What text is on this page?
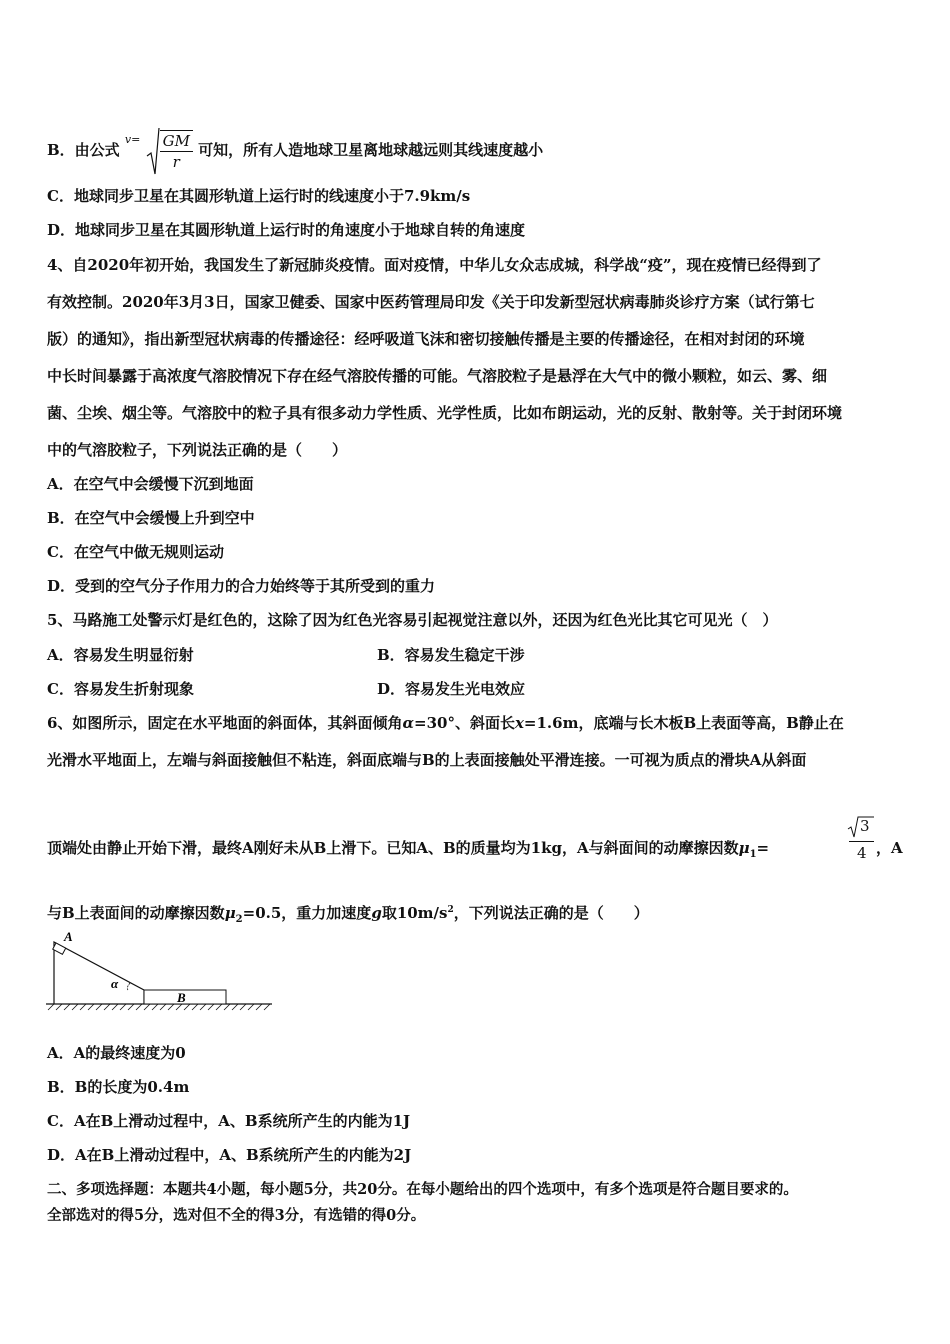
B．由公式 $^{v=} \frac{GM}{r}$ 可知，所有人造地球卫星离地球越远则其线速度越小
C．地球同步卫星在其圆形轨道上运行时的线速度小于7.9km/s
D．地球同步卫星在其圆形轨道上运行时的角速度小于地球自转的角速度
4、自2020年初开始，我国发生了新冠肺炎疫情。面对疫情，中华儿女众志成城，科学战“疫”，现在疫情已经得到了
有效控制。2020年3月3日，国家卫健委、国家中医药管理局印发《关于印发新型冠状病毒肺炎诊疗方案（试行第七
版）的通知》，指出新型冠状病毒的传播途径：经呼吸道飞沫和密切接触传播是主要的传播途径，在相对封闭的环境
中长时间暴露于高浓度气溶胶情况下存在经气溶胶传播的可能。气溶胶粒子是悬浮在大气中的微小颗粒，如云、雾、细
菌、尘埃、烟尘等。气溶胶中的粒子具有很多动力学性质、光学性质，比如布朗运动，光的反射、散射等。关于封闭环境
中的气溶胶粒子，下列说法正确的是（　　）
A．在空气中会缓慢下沉到地面
B．在空气中会缓慢上升到空中
C．在空气中做无规则运动
D．受到的空气分子作用力的合力始终等于其所受到的重力
5、马路施工处警示灯是红色的，这除了因为红色光容易引起视觉注意以外，还因为红色光比其它可见光（　）
A．容易发生明显衍射	B．容易发生稳定干涉
C．容易发生折射现象	D．容易发生光电效应
6、如图所示，固定在水平地面的斜面体，其斜面倾角α=30°、斜面长x=1.6m，底端与长木板B上表面等高，B静止在
光滑水平地面上，左端与斜面接触但不粘连，斜面底端与B的上表面接触处平滑连接。一可视为质点的滑块A从斜面
顶端处由静止开始下滑，最终A刚好未从B上滑下。已知A、B的质量均为1kg，A与斜面间的动摩擦因数$\mu_1=$
3
4 ，A
与B上表面间的动摩擦因数$\mu_2=0.5$，重力加速度g取$10m/s^2$，下列说法正确的是（　　）
A
B
α
A．A的最终速度为0
B．B的长度为0.4m
C．A在B上滑动过程中，A、B系统所产生的内能为1J
D．A在B上滑动过程中，A、B系统所产生的内能为2J
二、多项选择题：本题共4小题，每小题5分，共20分。在每小题给出的四个选项中，有多个选项是符合题目要求的。
全部选对的得5分，选对但不全的得3分，有选错的得0分。
